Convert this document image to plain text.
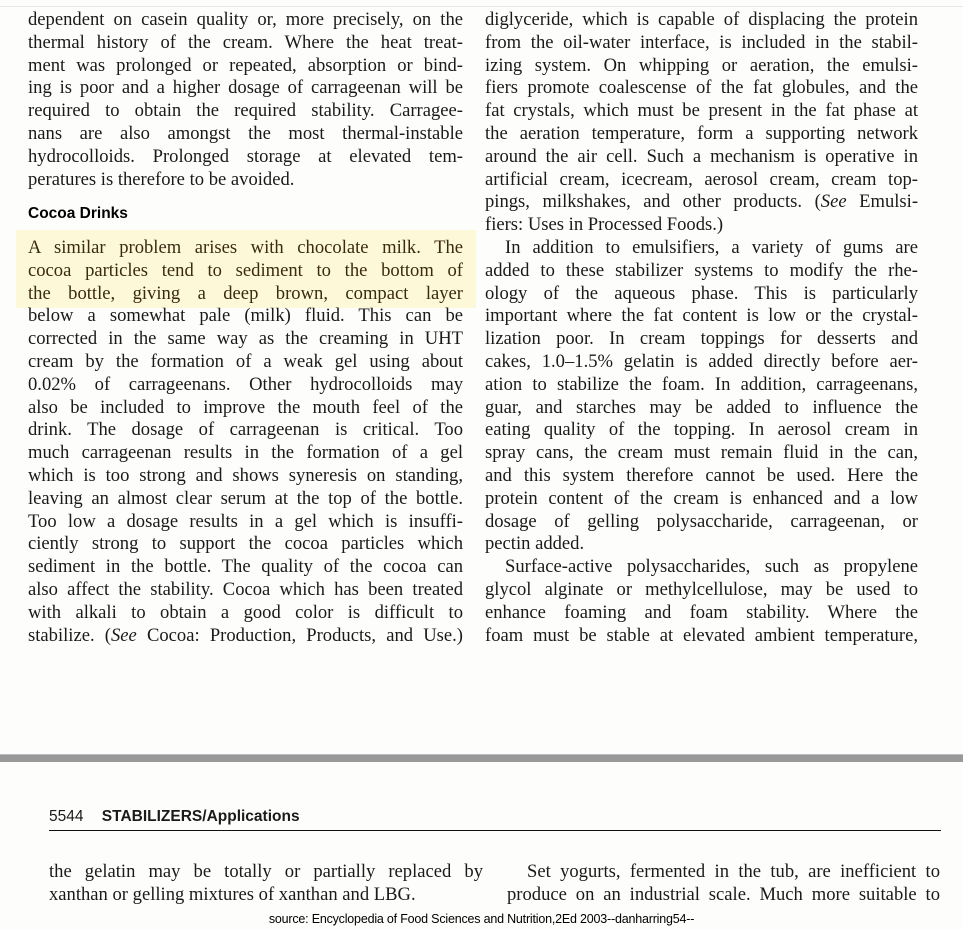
dependent on casein quality or, more precisely, on the
thermal history of the cream. Where the heat treat-
ment was prolonged or repeated, absorption or bind-
ing is poor and a higher dosage of carrageenan will be
required to obtain the required stability. Carragee-
nans are also amongst the most thermal-instable
hydrocolloids. Prolonged storage at elevated tem-
peratures is therefore to be avoided.
Cocoa Drinks
A similar problem arises with chocolate milk. The
cocoa particles tend to sediment to the bottom of
the bottle, giving a deep brown, compact layer
below a somewhat pale (milk) fluid. This can be
corrected in the same way as the creaming in UHT
cream by the formation of a weak gel using about
0.02% of carrageenans. Other hydrocolloids may
also be included to improve the mouth feel of the
drink. The dosage of carrageenan is critical. Too
much carrageenan results in the formation of a gel
which is too strong and shows syneresis on standing,
leaving an almost clear serum at the top of the bottle.
Too low a dosage results in a gel which is insuffi-
ciently strong to support the cocoa particles which
sediment in the bottle. The quality of the cocoa can
also affect the stability. Cocoa which has been treated
with alkali to obtain a good color is difficult to
stabilize. (See Cocoa: Production, Products, and Use.)
diglyceride, which is capable of displacing the protein
from the oil-water interface, is included in the stabil-
izing system. On whipping or aeration, the emulsi-
fiers promote coalescense of the fat globules, and the
fat crystals, which must be present in the fat phase at
the aeration temperature, form a supporting network
around the air cell. Such a mechanism is operative in
artificial cream, icecream, aerosol cream, cream top-
pings, milkshakes, and other products. (See Emulsi-
fiers: Uses in Processed Foods.)
In addition to emulsifiers, a variety of gums are
added to these stabilizer systems to modify the rhe-
ology of the aqueous phase. This is particularly
important where the fat content is low or the crystal-
lization poor. In cream toppings for desserts and
cakes, 1.0–1.5% gelatin is added directly before aer-
ation to stabilize the foam. In addition, carrageenans,
guar, and starches may be added to influence the
eating quality of the topping. In aerosol cream in
spray cans, the cream must remain fluid in the can,
and this system therefore cannot be used. Here the
protein content of the cream is enhanced and a low
dosage of gelling polysaccharide, carrageenan, or
pectin added.
Surface-active polysaccharides, such as propylene
glycol alginate or methylcellulose, may be used to
enhance foaming and foam stability. Where the
foam must be stable at elevated ambient temperature,
5544 STABILIZERS/Applications
the gelatin may be totally or partially replaced by
xanthan or gelling mixtures of xanthan and LBG.
Set yogurts, fermented in the tub, are inefficient to
produce on an industrial scale. Much more suitable to
source: Encyclopedia of Food Sciences and Nutrition,2Ed 2003--danharring54--
